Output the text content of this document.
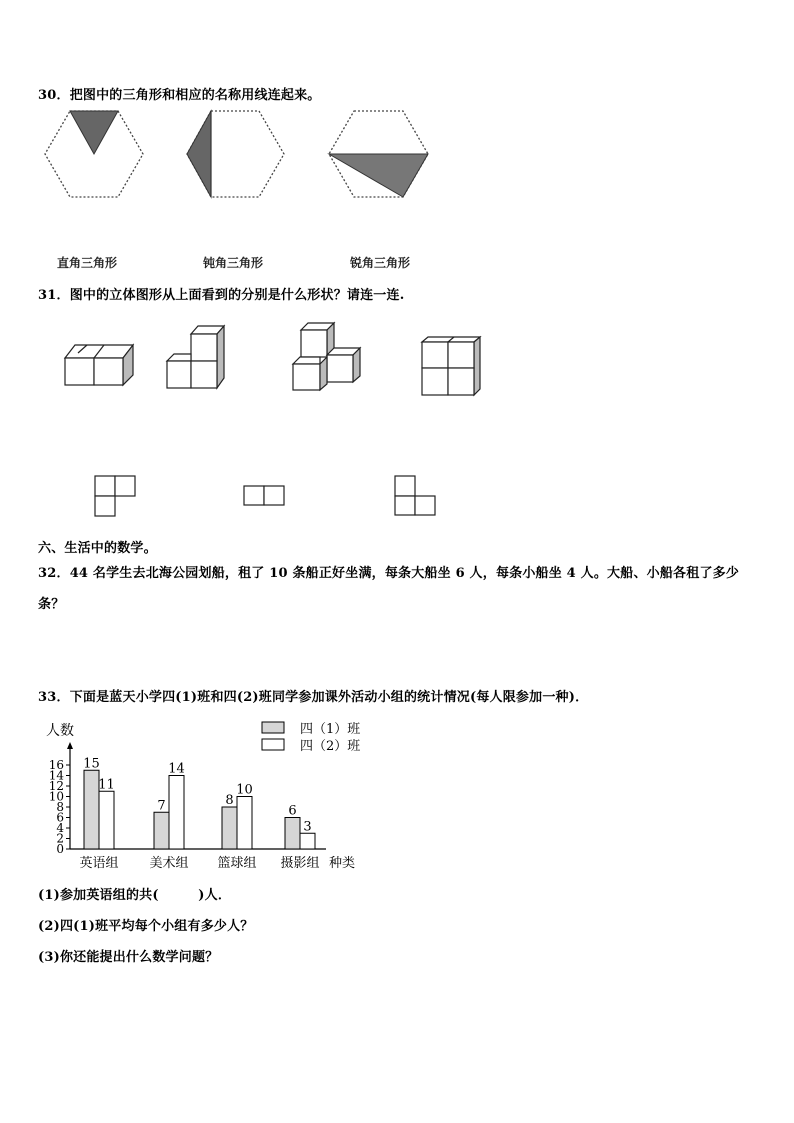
30．把图中的三角形和相应的名称用线连起来。
直角三角形	钝角三角形	锐角三角形
31．图中的立体图形从上面看到的分别是什么形状？请连一连.
六、生活中的数学。
32．44 名学生去北海公园划船，租了 10 条船正好坐满，每条大船坐 6 人，每条小船坐 4 人。大船、小船各租了多少
条？
33．下面是蓝天小学四(1)班和四(2)班同学参加课外活动小组的统计情况(每人限参加一种)．
人数
种类
四（1）班
四（2）班
0
2
4
6
8
10
12
14
16 15
11
英语组
7
14
美术组
8
10
篮球组
6
3
摄影组
(1)参加英语组的共(　　　)人．
(2)四(1)班平均每个小组有多少人？
(3)你还能提出什么数学问题？
